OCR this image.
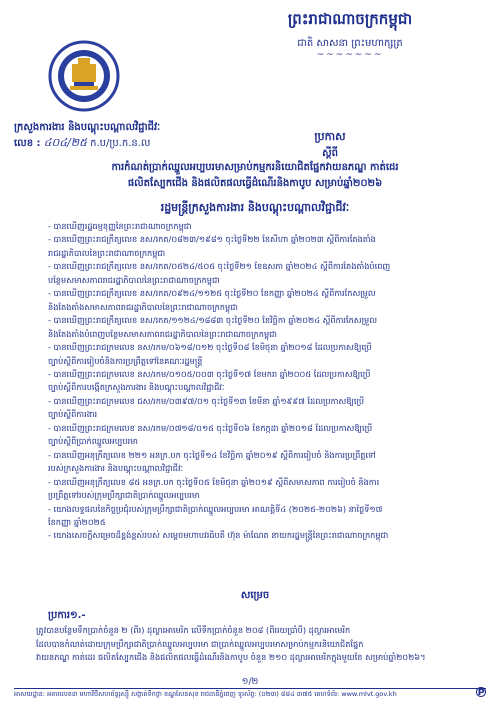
ព្រះរាជាណាចក្រកម្ពុជា
ជាតិ សាសនា ព្រះមហាក្សត្រ
~~~~~~~
ក្រសួងការងារ និងបណ្តុះបណ្តាលវិជ្ជាជីវៈ
លេខ : ៤០៤/២៥ ក.ប/ប្រ.ក.ន.ល
ប្រកាស
ស្តីពី
ការកំណត់ប្រាក់ឈ្នួលអប្បបរមាសម្រាប់កម្មករនិយោជិតផ្នែកវាយនភណ្ឌ កាត់ដេរ
ផលិតស្បែកជើង និងផលិតផលធ្វើដំណើរនិងកាបូប សម្រាប់ឆ្នាំ២០២៦
រដ្ឋមន្ត្រីក្រសួងការងារ និងបណ្តុះបណ្តាលវិជ្ជាជីវៈ
- បានឃើញរដ្ឋធម្មនុញ្ញនៃព្រះរាជាណាចក្រកម្ពុជា
- បានឃើញព្រះរាជក្រឹត្យលេខ នស/រកត/០៨២៣/១៩៨១ ចុះថ្ងៃទី២២ ខែសីហា ឆ្នាំ២០២៣ ស្តីពីការតែងតាំង
រាជរដ្ឋាភិបាលនៃព្រះរាជាណាចក្រកម្ពុជា
- បានឃើញព្រះរាជក្រឹត្យលេខ នស/រកត/០៥២៤/៥០៥ ចុះថ្ងៃទី២១ ខែឧសភា ឆ្នាំ២០២៤ ស្តីពីការតែងតាំងបំពេញ
បន្ថែមសមាសភាពរាជរដ្ឋាភិបាលនៃព្រះរាជាណាចក្រកម្ពុជា
- បានឃើញព្រះរាជក្រឹត្យលេខ នស/រកត/០៩២៤/១១២៥ ចុះថ្ងៃទី២០ ខែកញ្ញា ឆ្នាំ២០២៤ ស្តីពីការកែសម្រួល
និងតែងតាំងសមាសភាពរាជរដ្ឋាភិបាលនៃព្រះរាជាណាចក្រកម្ពុជា
- បានឃើញព្រះរាជក្រឹត្យលេខ នស/រកត/១១២៤/១៨៨៣ ចុះថ្ងៃទី២០ ខែវិច្ឆិកា ឆ្នាំ២០២៤ ស្តីពីការកែសម្រួល
និងតែងតាំងបំពេញបន្ថែមសមាសភាពរាជរដ្ឋាភិបាលនៃព្រះរាជាណាចក្រកម្ពុជា
- បានឃើញព្រះរាជក្រមលេខ នស/រកម/០៦១៨/០១២ ចុះថ្ងៃទី០៨ ខែមិថុនា ឆ្នាំ២០១៨ ដែលប្រកាសឱ្យប្រើ
ច្បាប់ស្តីពីការរៀបចំនិងការប្រព្រឹត្តទៅនៃគណៈរដ្ឋមន្ត្រី
- បានឃើញព្រះរាជក្រមលេខ នស/រកម/០១០៥/០០៣ ចុះថ្ងៃទី១៧ ខែមករា ឆ្នាំ២០០៥ ដែលប្រកាសឱ្យប្រើ
ច្បាប់ស្តីពីការបង្កើតក្រសួងការងារ និងបណ្តុះបណ្តាលវិជ្ជាជីវៈ
- បានឃើញព្រះរាជក្រមលេខ ជស/រកម/០៣៩៧/០១ ចុះថ្ងៃទី១៣ ខែមីនា ឆ្នាំ១៩៩៧ ដែលប្រកាសឱ្យប្រើ
ច្បាប់ស្តីពីការងារ
- បានឃើញព្រះរាជក្រមលេខ នស/រកម/០៧១៨/០១៥ ចុះថ្ងៃទី០៦ ខែកក្កដា ឆ្នាំ២០១៨ ដែលប្រកាសឱ្យប្រើ
ច្បាប់ស្តីពីប្រាក់ឈ្នួលអប្បបរមា
- បានឃើញអនុក្រឹត្យលេខ ២២១ អនក្រ.បក ចុះថ្ងៃទី១៤ ខែវិច្ឆិកា ឆ្នាំ២០១៩ ស្តីពីការរៀបចំ និងការប្រព្រឹត្តទៅ
របស់ក្រសួងការងារ និងបណ្តុះបណ្តាលវិជ្ជាជីវៈ
- បានឃើញអនុក្រឹត្យលេខ ៨៥ អនក្រ.បក ចុះថ្ងៃទី០៥ ខែមិថុនា ឆ្នាំ២០១៩ ស្តីពីសមាសភាព ការរៀបចំ និងការ
ប្រព្រឹត្តទៅរបស់ក្រុមប្រឹក្សាជាតិប្រាក់ឈ្នួលអប្បបរមា
- យោងលទ្ធផលនៃកិច្ចប្រជុំរបស់ក្រុមប្រឹក្សាជាតិប្រាក់ឈ្នួលអប្បបរមា អាណត្តិទី៤ (២០២៥-២០២៦) នាថ្ងៃទី១៧
ខែកញ្ញា ឆ្នាំ២០២៥
- យោងសេចក្តីសម្រេចដ៏ខ្ពង់ខ្ពស់របស់ សម្តេចមហាបវរធិបតី ហ៊ុន ម៉ាណែត នាយករដ្ឋមន្ត្រីនៃព្រះរាជាណាចក្រកម្ពុជា
សម្រេច
ប្រការ១.-
ត្រូវបានបន្ថែមទឹកប្រាក់ចំនួន ២ (ពីរ) ដុល្លារអាមេរិក លើទឹកប្រាក់ចំនួន ២០៨ (ពីររយប្រាំបី) ដុល្លារអាមេរិក
ដែលបានកំណត់ដោយក្រុមប្រឹក្សាជាតិប្រាក់ឈ្នួលអប្បបរមា ជាប្រាក់ឈ្នួលអប្បបរមាសម្រាប់កម្មករនិយោជិតផ្នែក
វាយនភណ្ឌ កាត់ដេរ ផលិតស្បែកជើង និងផលិតផលធ្វើដំណើរនិងកាបូប ចំនួន ២១០ ដុល្លារអាមេរិកក្នុងមួយខែ សម្រាប់ឆ្នាំ២០២៦។
១/២
អាសយដ្ឋាន: អគារលេខ៣ មហាវិថីសហព័ន្ធរុស្ស៊ី សង្កាត់ទឹកថ្លា ខណ្ឌសែនសុខ រាជធានីភ្នំពេញ ទូរស័ព្ទ: (០២៣) ៨៨៤ ៣៧៥ គេហទំព័រ: www.mlvt.gov.kh	℗
